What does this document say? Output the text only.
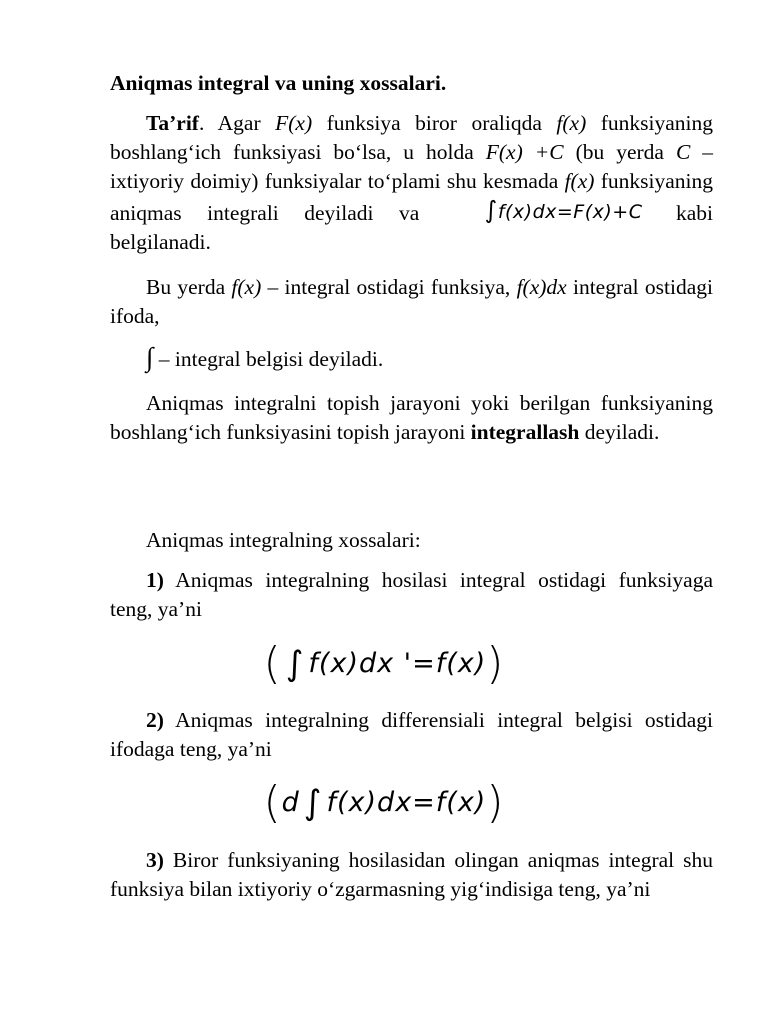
Aniqmas integral va uning xossalari.
Ta’rif. Agar F(x) funksiya biror oraliqda f(x) funksiyaning boshlang‘ich funksiyasi bo‘lsa, u holda F(x) +C (bu yerda C – ixtiyoriy doimiy) funksiyalar to‘plami shu kesmada f(x) funksiyaning aniqmas integrali deyiladi va ∫f(x)dx=F(x)+C kabi belgilanadi.
Bu yerda f(x) – integral ostidagi funksiya, f(x)dx integral ostidagi ifoda,
∫ – integral belgisi deyiladi.
Aniqmas integralni topish jarayoni yoki berilgan funksiyaning boshlang‘ich funksiyasini topish jarayoni integrallash deyiladi.
Aniqmas integralning xossalari:
1) Aniqmas integralning hosilasi integral ostidagi funksiyaga teng, ya’ni
( ∫ f(x)dx '=f(x))
2) Aniqmas integralning differensiali integral belgisi ostidagi ifodaga teng, ya’ni
(d ∫ f(x)dx=f(x))
3) Biror funksiyaning hosilasidan olingan aniqmas integral shu funksiya bilan ixtiyoriy o‘zgarmasning yig‘indisiga teng, ya’ni
